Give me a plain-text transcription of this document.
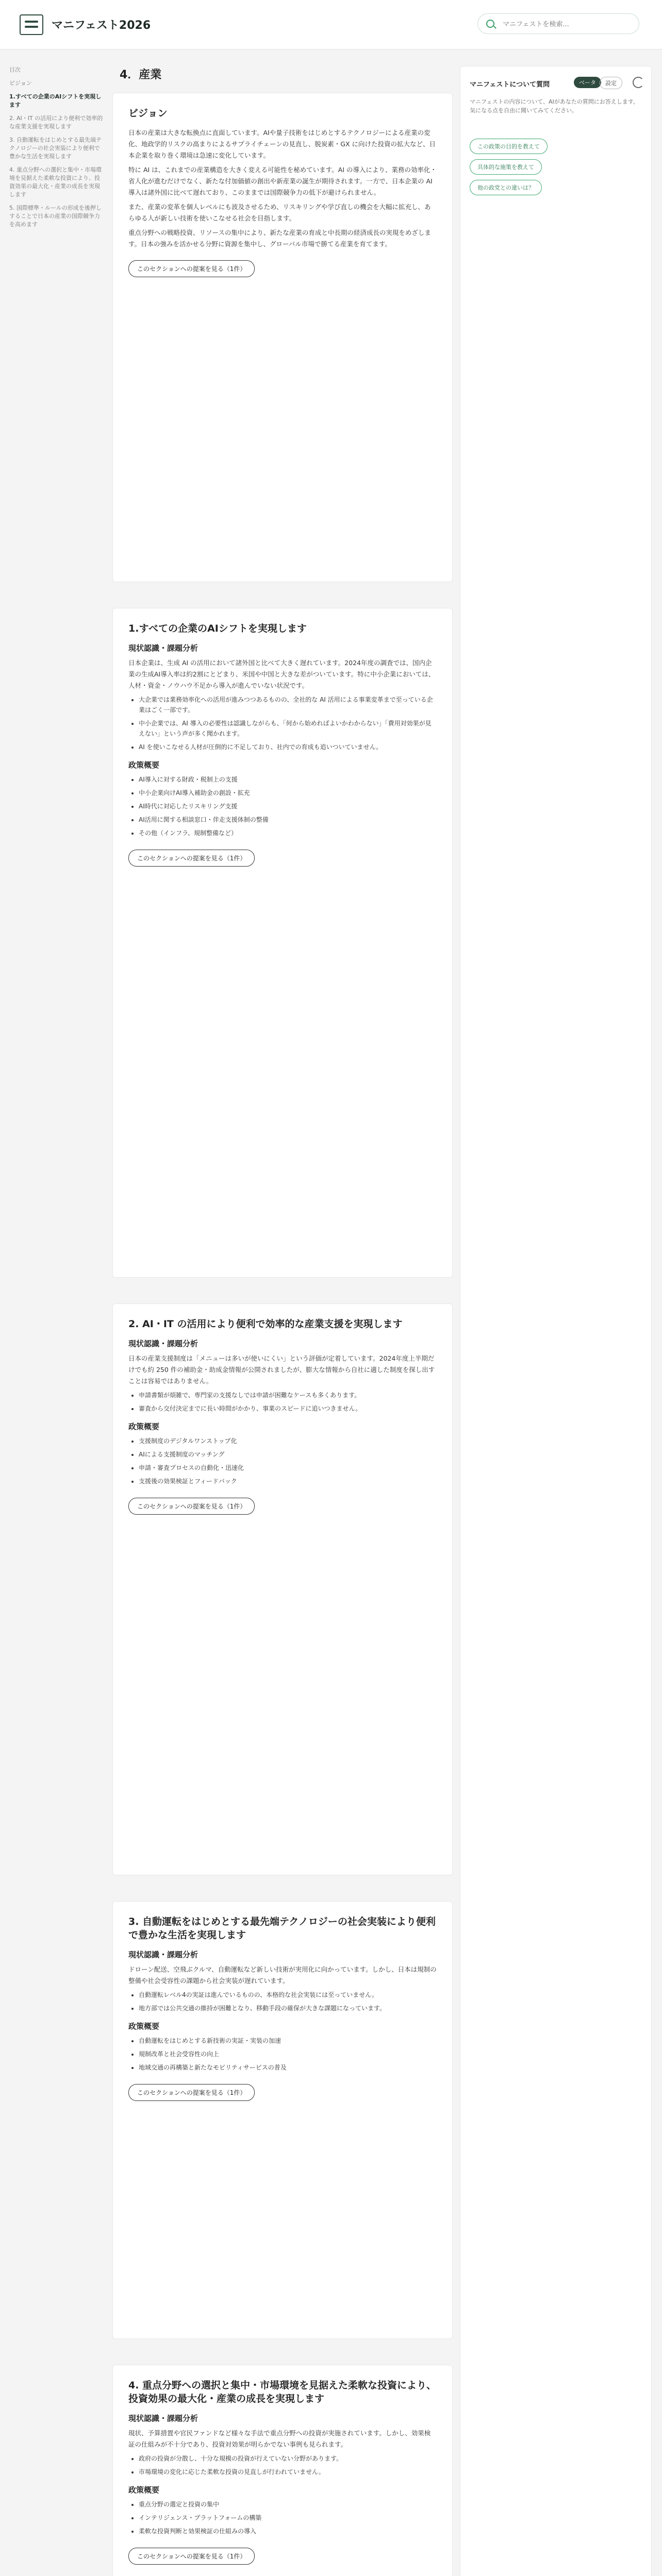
マニフェスト2026
マニフェストを検索...
目次
ビジョン
1.すべての企業のAIシフトを実現します
2. AI・IT の活用により便利で効率的な産業支援を実現します
3. 自動運転をはじめとする最先端テクノロジーの社会実装により便利で豊かな生活を実現します
4. 重点分野への選択と集中・市場環境を見据えた柔軟な投資により、投資効果の最大化・産業の成長を実現します
5. 国際標準・ルールの形成を後押しすることで日本の産業の国際競争力を高めます
4．産業
ビジョン

日本の産業は大きな転換点に直面しています。AIや量子技術をはじめとするテクノロジーによる産業の変化、地政学的リスクの高まりによるサプライチェーンの見直し、脱炭素・GX に向けた投資の拡大など、日本企業を取り巻く環境は急速に変化しています。

特に AI は、これまでの産業構造を大きく変える可能性を秘めています。AI の導入により、業務の効率化・省人化が進むだけでなく、新たな付加価値の創出や新産業の誕生が期待されます。一方で、日本企業の AI 導入は諸外国に比べて遅れており、このままでは国際競争力の低下が避けられません。

また、産業の変革を個人レベルにも波及させるため、リスキリングや学び直しの機会を大幅に拡充し、あらゆる人が新しい技術を使いこなせる社会を目指します。

重点分野への戦略投資、リソースの集中により、新たな産業の育成と中長期の経済成長の実現をめざします。日本の強みを活かせる分野に資源を集中し、グローバル市場で勝てる産業を育てます。

このセクションへの提案を見る（1件）
1.すべての企業のAIシフトを実現します
現状認識・課題分析

日本企業は、生成 AI の活用において諸外国と比べて大きく遅れています。2024年度の調査では、国内企業の生成AI導入率は約2割にとどまり、米国や中国と大きな差がついています。特に中小企業においては、人材・資金・ノウハウ不足から導入が進んでいない状況です。

• 大企業では業務効率化への活用が進みつつあるものの、全社的な AI 活用による事業変革まで至っている企業はごく一部です。
• 中小企業では、AI 導入の必要性は認識しながらも、「何から始めればよいかわからない」「費用対効果が見えない」という声が多く聞かれます。
• AI を使いこなせる人材が圧倒的に不足しており、社内での育成も追いついていません。
政策概要
• AI導入に対する財政・税制上の支援
• 中小企業向けAI導入補助金の創設・拡充
• AI時代に対応したリスキリング支援
• AI活用に関する相談窓口・伴走支援体制の整備
• その他（インフラ、規制整備など）
このセクションへの提案を見る（1件）
2. AI・IT の活用により便利で効率的な産業支援を実現します
現状認識・課題分析

日本の産業支援制度は「メニューは多いが使いにくい」という評価が定着しています。2024年度上半期だけでも約 250 件の補助金・助成金情報が公開されましたが、膨大な情報から自社に適した制度を探し出すことは容易ではありません。

• 申請書類が煩雑で、専門家の支援なしでは申請が困難なケースも多くあります。
• 審査から交付決定までに長い時間がかかり、事業のスピードに追いつきません。
政策概要
• 支援制度のデジタルワンストップ化
• AIによる支援制度のマッチング
• 申請・審査プロセスの自動化・迅速化
• 支援後の効果検証とフィードバック
このセクションへの提案を見る（1件）
3. 自動運転をはじめとする最先端テクノロジーの社会実装により便利で豊かな生活を実現します
現状認識・課題分析

ドローン配送、空飛ぶクルマ、自動運転など新しい技術が実用化に向かっています。しかし、日本は規制の整備や社会受容性の課題から社会実装が遅れています。

• 自動運転レベル4の実証は進んでいるものの、本格的な社会実装には至っていません。
• 地方部では公共交通の維持が困難となり、移動手段の確保が大きな課題になっています。
政策概要
• 自動運転をはじめとする新技術の実証・実装の加速
• 規制改革と社会受容性の向上
• 地域交通の再構築と新たなモビリティサービスの普及
このセクションへの提案を見る（1件）
4. 重点分野への選択と集中・市場環境を見据えた柔軟な投資により、投資効果の最大化・産業の成長を実現します
現状認識・課題分析

現状、予算措置や官民ファンドなど様々な手法で重点分野への投資が実施されています。しかし、効果検証の仕組みが不十分であり、投資対効果が明らかでない事例も見られます。

• 政府の投資が分散し、十分な規模の投資が行えていない分野があります。
• 市場環境の変化に応じた柔軟な投資の見直しが行われていません。
政策概要
• 重点分野の選定と投資の集中
• インテリジェンス・プラットフォームの構築
• 柔軟な投資判断と効果検証の仕組みの導入
このセクションへの提案を見る（1件）

マニフェストについて質問	ベータ	設定
マニフェストの内容について、AIがあなたの質問にお答えします。気になる点を自由に聞いてみてください。
この政策の目的を教えて
具体的な施策を教えて
他の政党との違いは？
